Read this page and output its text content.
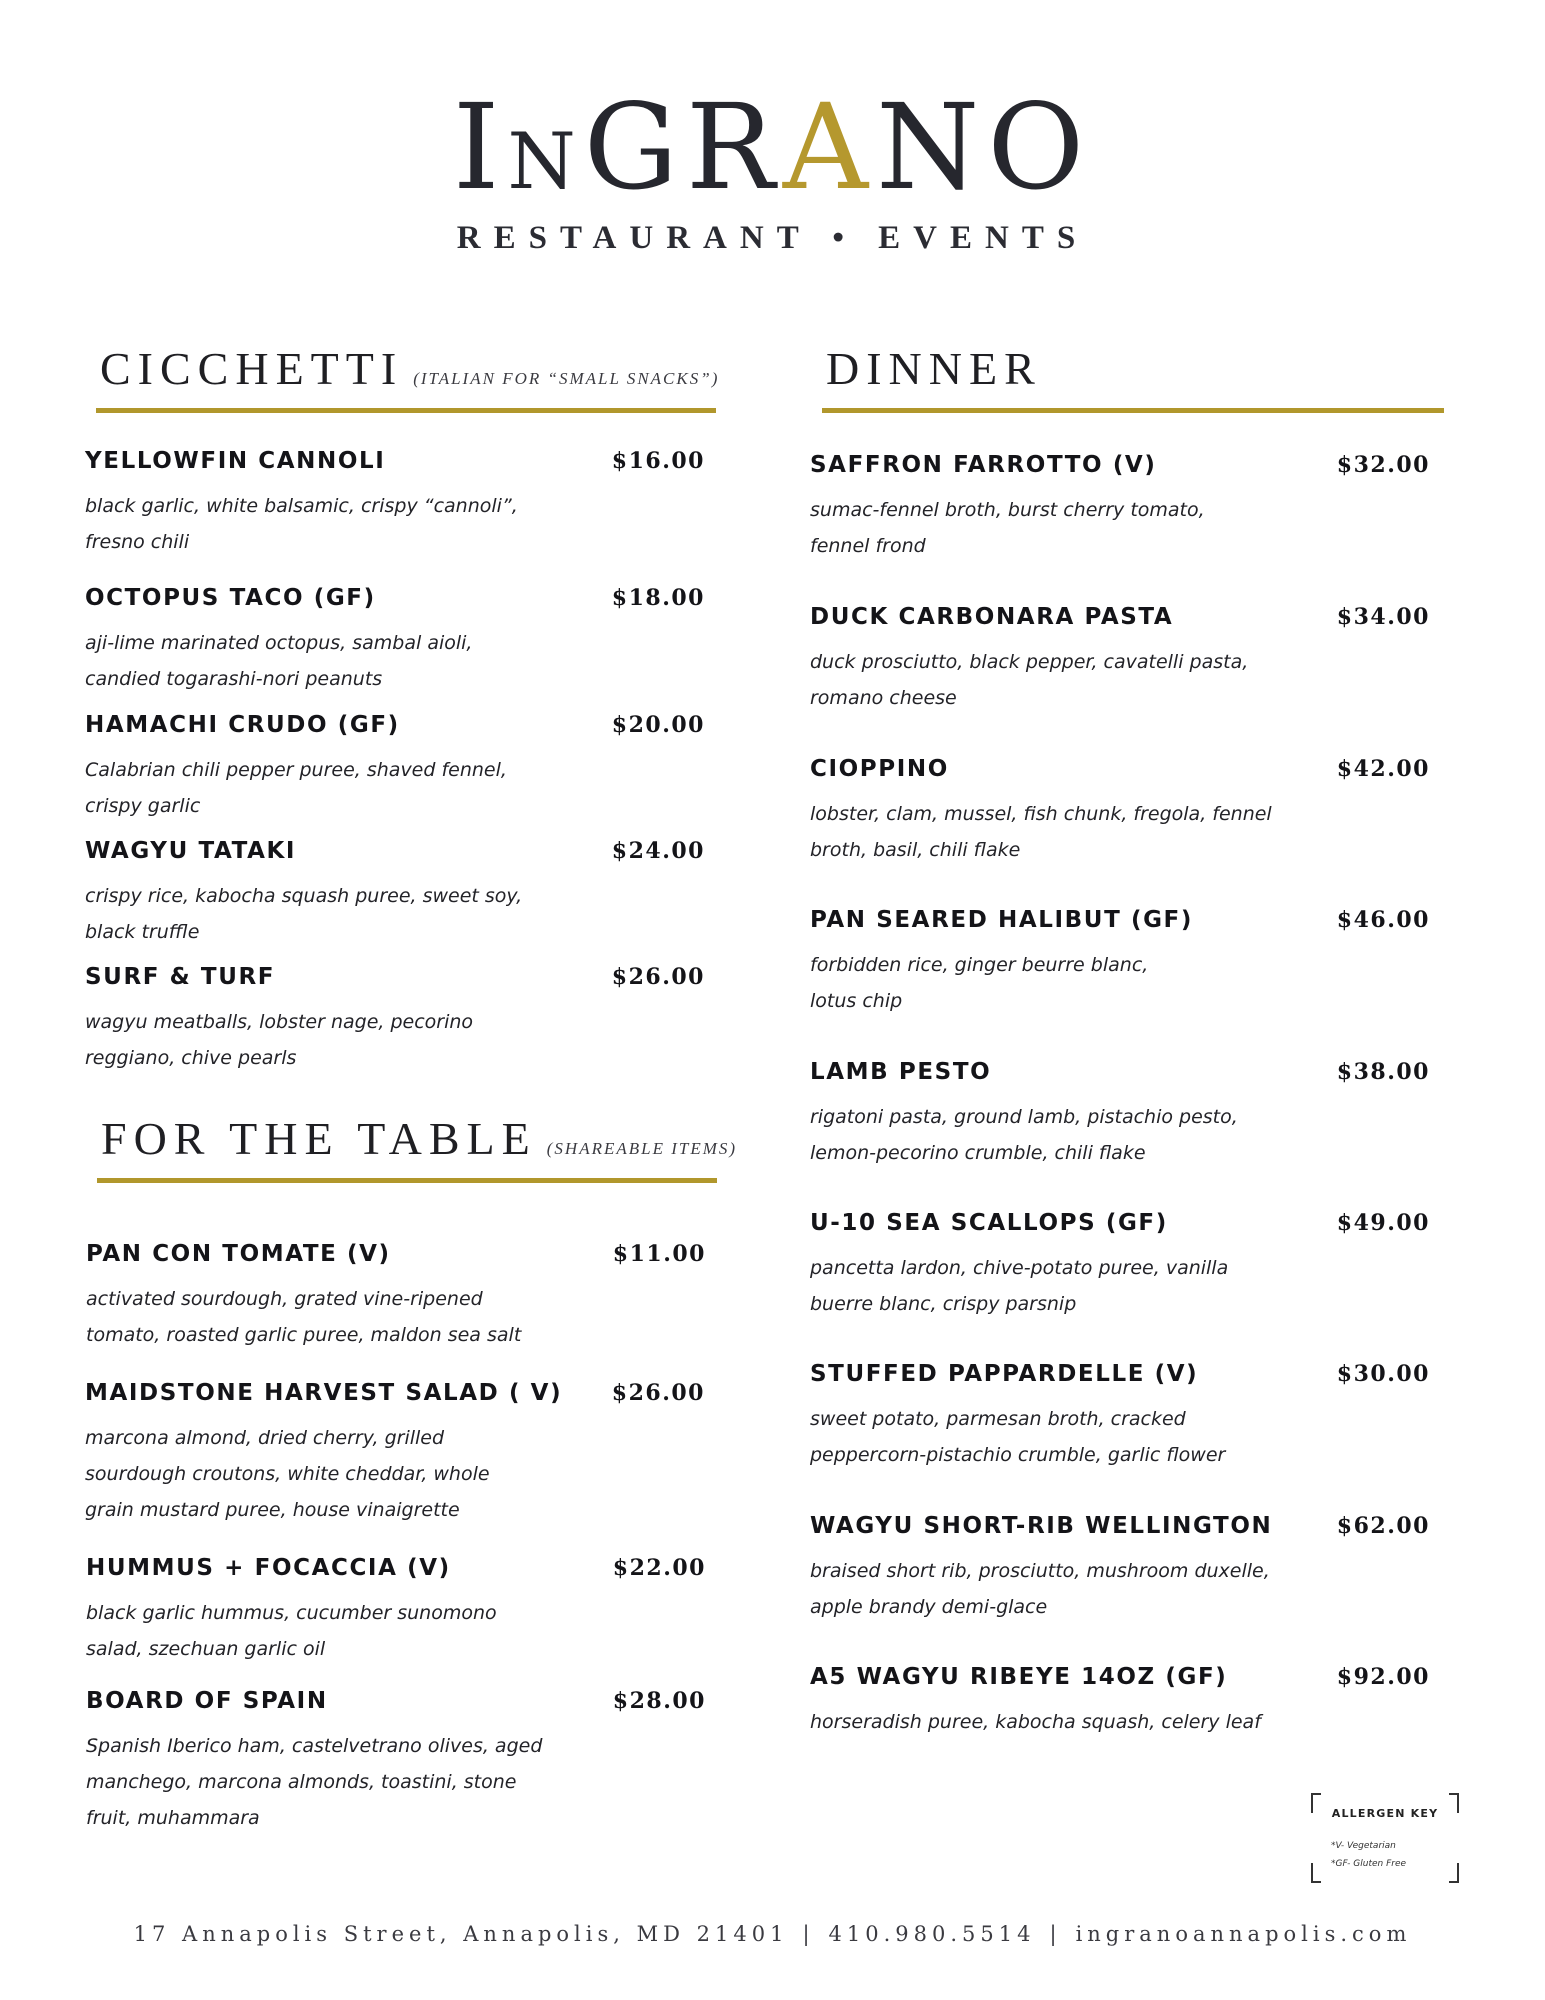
INGRANO
RESTAURANT • EVENTS
CICCHETTI (ITALIAN FOR “SMALL SNACKS”)
YELLOWFIN CANNOLI	$16.00
black garlic, white balsamic, crispy “cannoli”,
fresno chili
OCTOPUS TACO (GF)	$18.00
aji-lime marinated octopus, sambal aioli,
candied togarashi-nori peanuts
HAMACHI CRUDO (GF)	$20.00
Calabrian chili pepper puree, shaved fennel,
crispy garlic
WAGYU TATAKI	$24.00
crispy rice, kabocha squash puree, sweet soy,
black truffle
SURF & TURF	$26.00
wagyu meatballs, lobster nage, pecorino
reggiano, chive pearls
FOR THE TABLE (SHAREABLE ITEMS)
PAN CON TOMATE (V)	$11.00
activated sourdough, grated vine-ripened
tomato, roasted garlic puree, maldon sea salt
MAIDSTONE HARVEST SALAD ( V) $26.00
marcona almond, dried cherry, grilled
sourdough croutons, white cheddar, whole
grain mustard puree, house vinaigrette
HUMMUS + FOCACCIA (V)	$22.00
black garlic hummus, cucumber sunomono
salad, szechuan garlic oil
BOARD OF SPAIN	$28.00
Spanish Iberico ham, castelvetrano olives, aged
manchego, marcona almonds, toastini, stone
fruit, muhammara
DINNER
SAFFRON FARROTTO (V)	$32.00
sumac-fennel broth, burst cherry tomato,
fennel frond
DUCK CARBONARA PASTA	$34.00
duck prosciutto, black pepper, cavatelli pasta,
romano cheese
CIOPPINO	$42.00
lobster, clam, mussel, fish chunk, fregola, fennel
broth, basil, chili flake
PAN SEARED HALIBUT (GF)	$46.00
forbidden rice, ginger beurre blanc,
lotus chip
LAMB PESTO	$38.00
rigatoni pasta, ground lamb, pistachio pesto,
lemon-pecorino crumble, chili flake
U-10 SEA SCALLOPS (GF)	$49.00
pancetta lardon, chive-potato puree, vanilla
buerre blanc, crispy parsnip
STUFFED PAPPARDELLE (V)	$30.00
sweet potato, parmesan broth, cracked
peppercorn-pistachio crumble, garlic flower
WAGYU SHORT-RIB WELLINGTON	$62.00
braised short rib, prosciutto, mushroom duxelle,
apple brandy demi-glace
A5 WAGYU RIBEYE 14OZ (GF)	$92.00
horseradish puree, kabocha squash, celery leaf
ALLERGEN KEY
*V- Vegetarian
*GF- Gluten Free
17 Annapolis Street, Annapolis, MD 21401 | 410.980.5514 | ingranoannapolis.com
